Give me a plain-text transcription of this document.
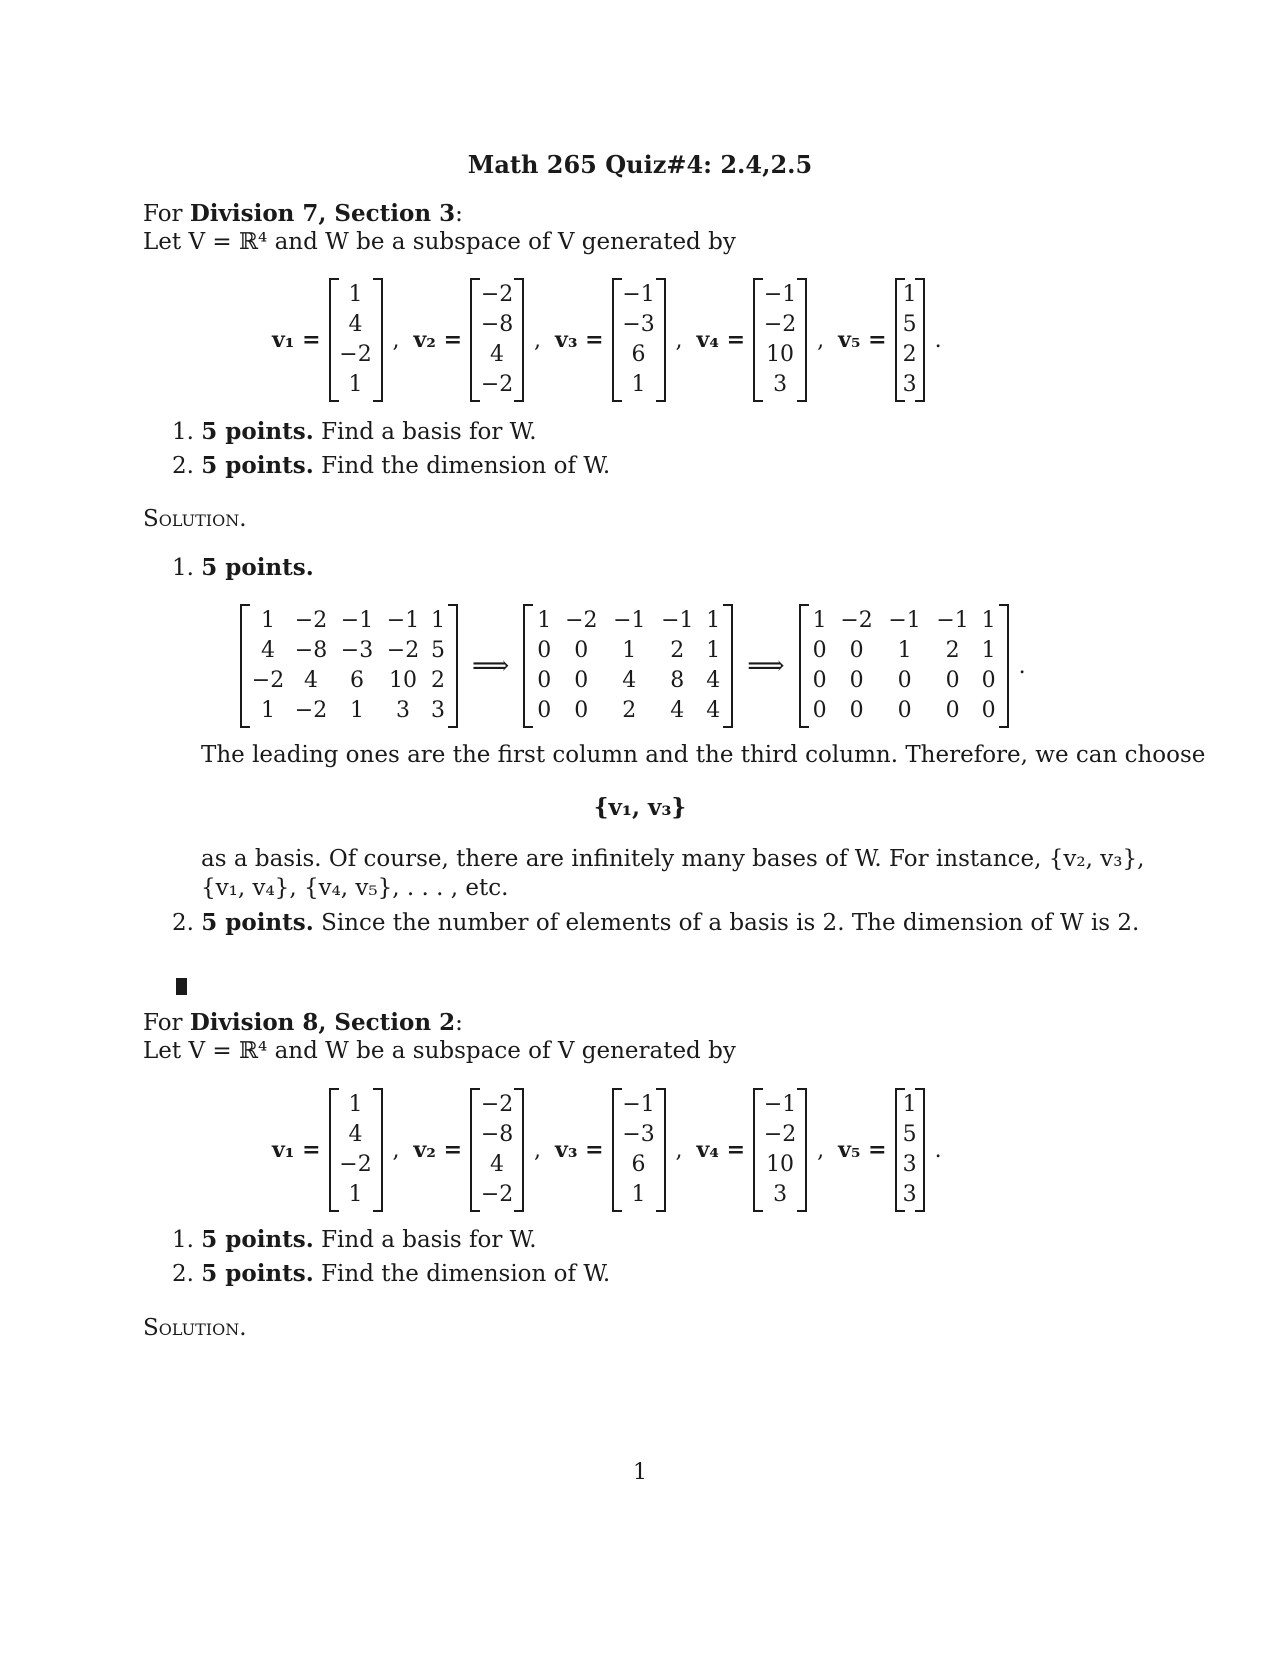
Math 265 Quiz#4: 2.4,2.5
For Division 7, Section 3:
Let V = ℝ⁴ and W be a subspace of V generated by
v₁ =
1
4
−2
1
, v₂ =
−2
−8
4
−2
, v₃ =
−1
−3
6
1
, v₄ =
−1
−2
10
3
, v₅ =
1
5
2
3
.
1. 5 points. Find a basis for W.
2. 5 points. Find the dimension of W.
Solution.
1. 5 points.
1 −2 −1 −1 1
4 −8 −3 −2 5
−2 4	6	10 2
1 −2	1	3 3
⟹
1 −2 −1 −1 1
0	0	1	2	1
0	0	4	8	4
0	0	2	4	4
⟹
1 −2 −1 −1 1
0	0	1	2	1
0	0	0	0	0
0	0	0	0	0
.
The leading ones are the first column and the third column. Therefore, we can choose
{v₁, v₃}
as a basis. Of course, there are infinitely many bases of W. For instance, {v₂, v₃},
{v₁, v₄}, {v₄, v₅}, . . . , etc.
2. 5 points. Since the number of elements of a basis is 2. The dimension of W is 2.
For Division 8, Section 2:
Let V = ℝ⁴ and W be a subspace of V generated by
v₁ =
1
4
−2
1
, v₂ =
−2
−8
4
−2
, v₃ =
−1
−3
6
1
, v₄ =
−1
−2
10
3
, v₅ =
1
5
3
3
.
1. 5 points. Find a basis for W.
2. 5 points. Find the dimension of W.
Solution.
1
